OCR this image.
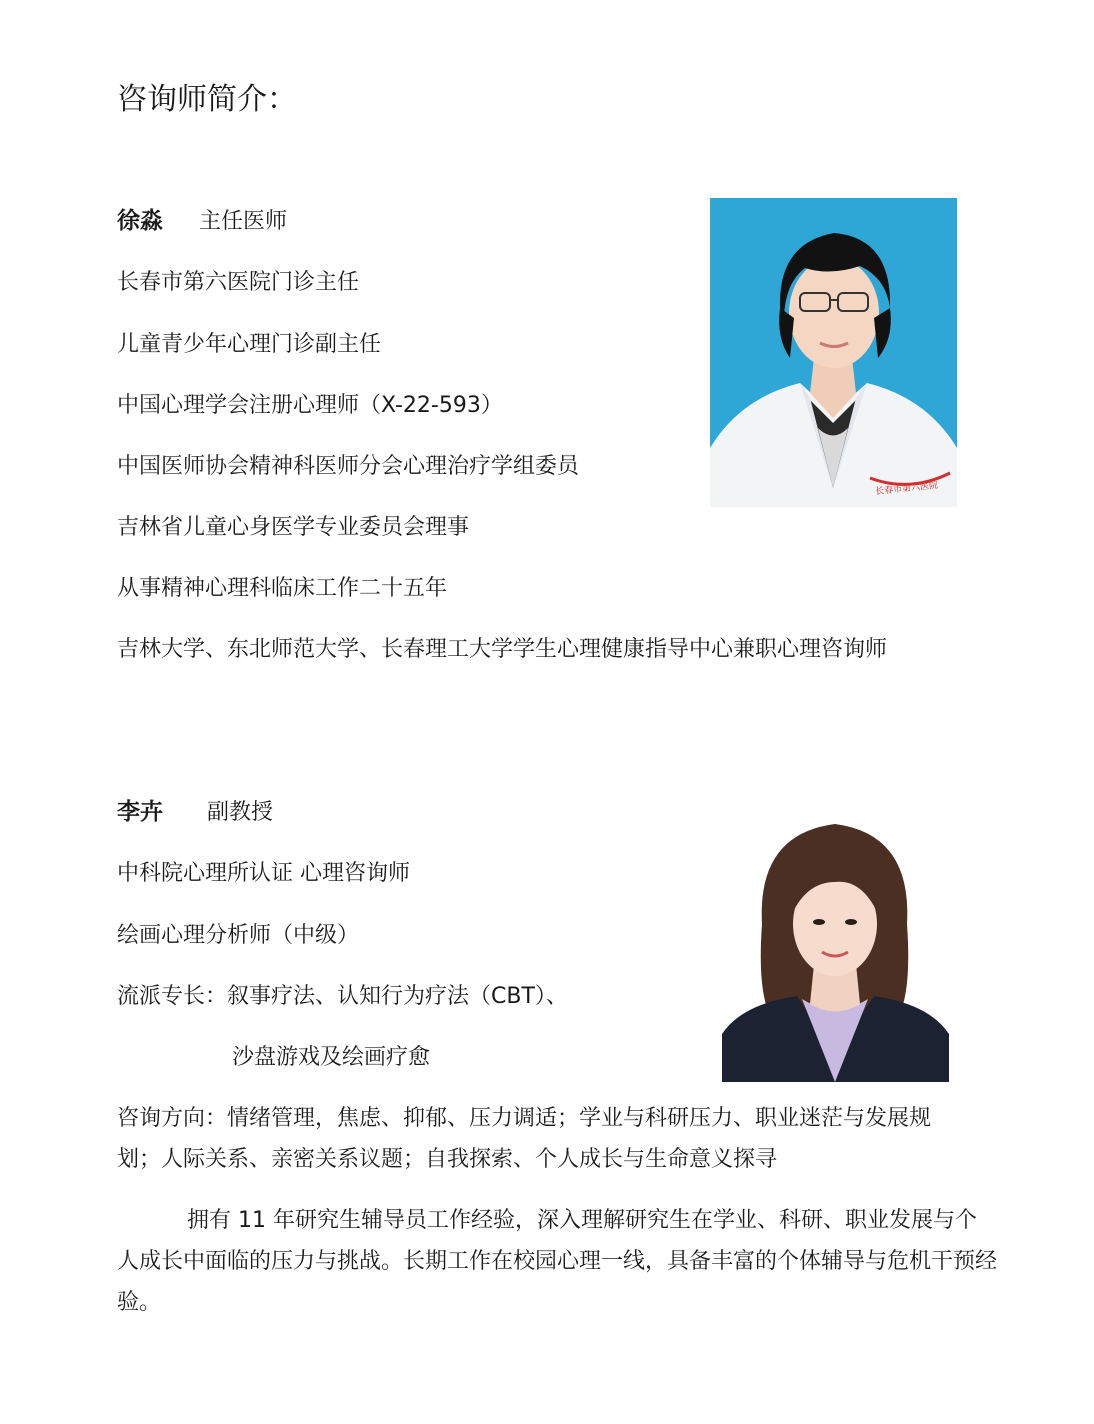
咨询师简介：
徐淼 主任医师
长春市第六医院门诊主任
儿童青少年心理门诊副主任
中国心理学会注册心理师（X-22-593）
中国医师协会精神科医师分会心理治疗学组委员
吉林省儿童心身医学专业委员会理事
从事精神心理科临床工作二十五年
吉林大学、东北师范大学、长春理工大学学生心理健康指导中心兼职心理咨询师
长春市第六医院
李卉 副教授
中科院心理所认证 心理咨询师
绘画心理分析师（中级）
流派专长：叙事疗法、认知行为疗法（CBT）、
沙盘游戏及绘画疗愈
咨询方向：情绪管理，焦虑、抑郁、压力调适；学业与科研压力、职业迷茫与发展规
划；人际关系、亲密关系议题；自我探索、个人成长与生命意义探寻
拥有 11 年研究生辅导员工作经验，深入理解研究生在学业、科研、职业发展与个人成长中面临的压力与挑战。长期工作在校园心理一线，具备丰富的个体辅导与危机干预经验。
